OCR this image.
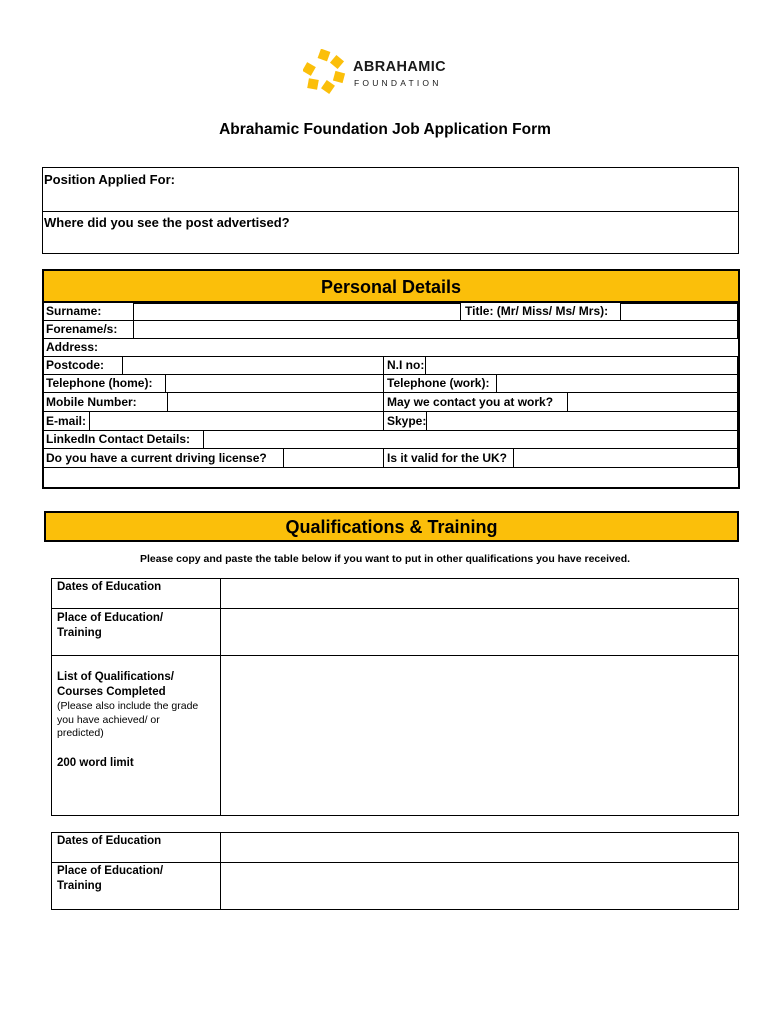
ABRAHAMIC
FOUNDATION
Abrahamic Foundation Job Application Form
Position Applied For:
Where did you see the post advertised?
Personal Details
Surname:	Title: (Mr/ Miss/ Ms/ Mrs):
Forename/s:
Address:
Postcode:	N.I no:
Telephone (home):	Telephone (work):
Mobile Number:	May we contact you at work?
E-mail:	Skype:
LinkedIn Contact Details:
Do you have a current driving license?	Is it valid for the UK?
Qualifications & Training
Please copy and paste the table below if you want to put in other qualifications you have received.
Dates of Education
Place of Education/
Training
List of Qualifications/
Courses Completed
(Please also include the grade
you have achieved/ or
predicted)
200 word limit
Dates of Education
Place of Education/
Training
